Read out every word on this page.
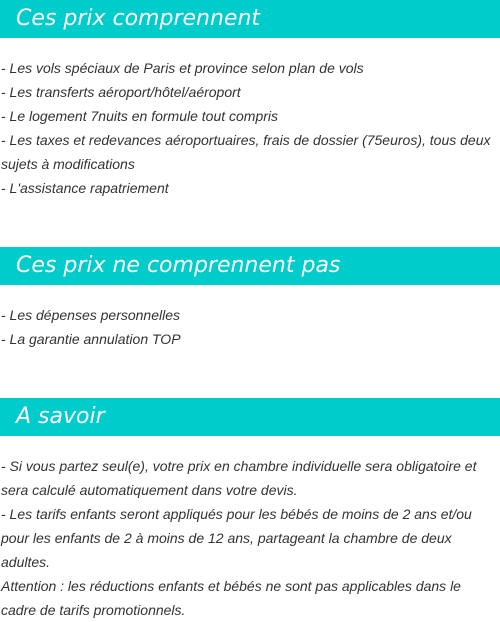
Ces prix comprennent
- Les vols spéciaux de Paris et province selon plan de vols
- Les transferts aéroport/hôtel/aéroport
- Le logement 7nuits en formule tout compris
- Les taxes et redevances aéroportuaires, frais de dossier (75euros), tous deux sujets à modifications
- L'assistance rapatriement
Ces prix ne comprennent pas
- Les dépenses personnelles
- La garantie annulation TOP
A savoir
- Si vous partez seul(e), votre prix en chambre individuelle sera obligatoire et sera calculé automatiquement dans votre devis.
- Les tarifs enfants seront appliqués pour les bébés de moins de 2 ans et/ou pour les enfants de 2 à moins de 12 ans, partageant la chambre de deux adultes.
Attention : les réductions enfants et bébés ne sont pas applicables dans le cadre de tarifs promotionnels.
